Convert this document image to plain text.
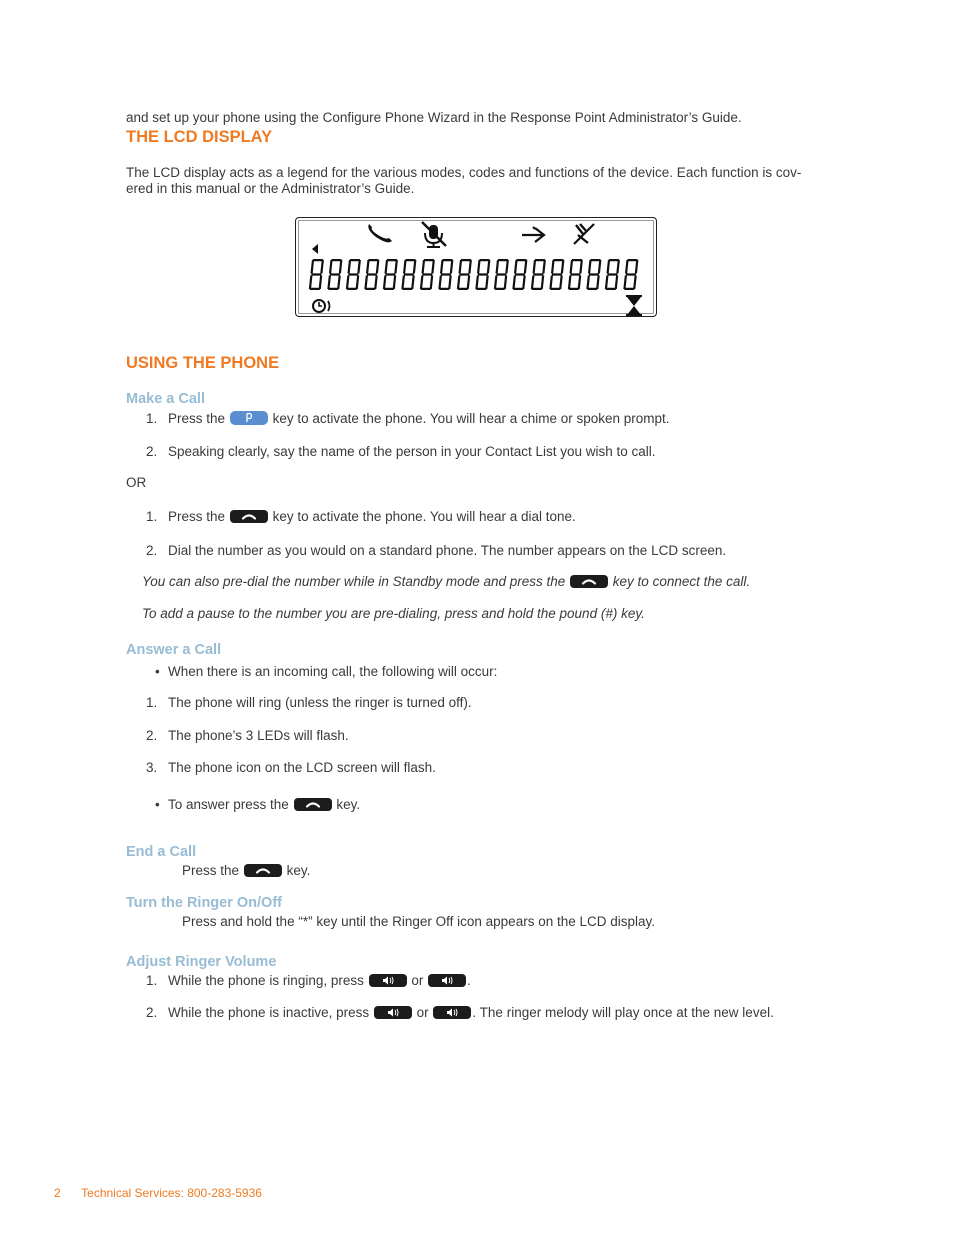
and set up your phone using the Configure Phone Wizard in the Response Point Administrator’s Guide.
THE LCD DISPLAY
The LCD display acts as a legend for the various modes, codes and functions of the device. Each function is cov-
ered in this manual or the Administrator’s Guide.
USING THE PHONE
Make a Call
1. Press the	key to activate the phone. You will hear a chime or spoken prompt.
2. Speaking clearly, say the name of the person in your Contact List you wish to call.
OR
1. Press the	key to activate the phone. You will hear a dial tone.
2. Dial the number as you would on a standard phone. The number appears on the LCD screen.
You can also pre-dial the number while in Standby mode and press the	key to connect the call.
To add a pause to the number you are pre-dialing, press and hold the pound (#) key.
Answer a Call
• When there is an incoming call, the following will occur:
1. The phone will ring (unless the ringer is turned off).
2. The phone’s 3 LEDs will flash.
3. The phone icon on the LCD screen will flash.
• To answer press the	key.
End a Call
Press the	key.
Turn the Ringer On/Off
Press and hold the “*” key until the Ringer Off icon appears on the LCD display.
Adjust Ringer Volume
1. While the phone is ringing, press	or	.
2. While the phone is inactive, press	or	. The ringer melody will play once at the new level.
2 Technical Services: 800-283-5936
